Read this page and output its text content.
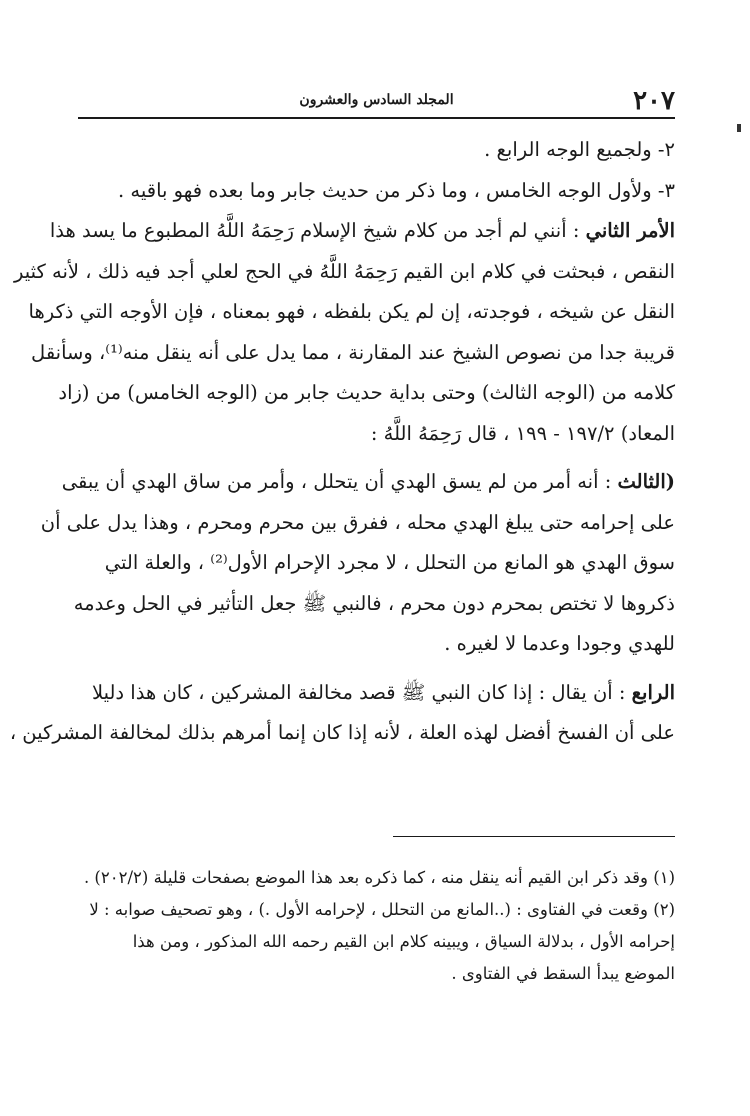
٢٠٧
المجلد السادس والعشرون
٢- ولجميع الوجه الرابع .
٣- ولأول الوجه الخامس ، وما ذكر من حديث جابر وما بعده فهو باقيه .
الأمر الثاني : أنني لم أجد من كلام شيخ الإسلام رَحِمَهُ اللَّهُ المطبوع ما يسد هذا
النقص ، فبحثت في كلام ابن القيم رَحِمَهُ اللَّهُ في الحج لعلي أجد فيه ذلك ، لأنه كثير
النقل عن شيخه ، فوجدته، إن لم يكن بلفظه ، فهو بمعناه ، فإن الأوجه التي ذكرها
قريبة جدا من نصوص الشيخ عند المقارنة ، مما يدل على أنه ينقل منه⁽¹⁾، وسأنقل
كلامه من (الوجه الثالث) وحتى بداية حديث جابر من (الوجه الخامس) من (زاد
المعاد) ١٩٧/٢ - ١٩٩ ، قال رَحِمَهُ اللَّهُ :
(الثالث : أنه أمر من لم يسق الهدي أن يتحلل ، وأمر من ساق الهدي أن يبقى
على إحرامه حتى يبلغ الهدي محله ، ففرق بين محرم ومحرم ، وهذا يدل على أن
سوق الهدي هو المانع من التحلل ، لا مجرد الإحرام الأول⁽²⁾ ، والعلة التي
ذكروها لا تختص بمحرم دون محرم ، فالنبي ﷺ جعل التأثير في الحل وعدمه
للهدي وجودا وعدما لا لغيره .
الرابع : أن يقال : إذا كان النبي ﷺ قصد مخالفة المشركين ، كان هذا دليلا
على أن الفسخ أفضل لهذه العلة ، لأنه إذا كان إنما أمرهم بذلك لمخالفة المشركين ،
(١) وقد ذكر ابن القيم أنه ينقل منه ، كما ذكره بعد هذا الموضع بصفحات قليلة (٢٠٢/٢) .
(٢) وقعت في الفتاوى : (..المانع من التحلل ، لإحرامه الأول .) ، وهو تصحيف صوابه : لا
إحرامه الأول ، بدلالة السياق ، ويبينه كلام ابن القيم رحمه الله المذكور ، ومن هذا
الموضع يبدأ السقط في الفتاوى .
